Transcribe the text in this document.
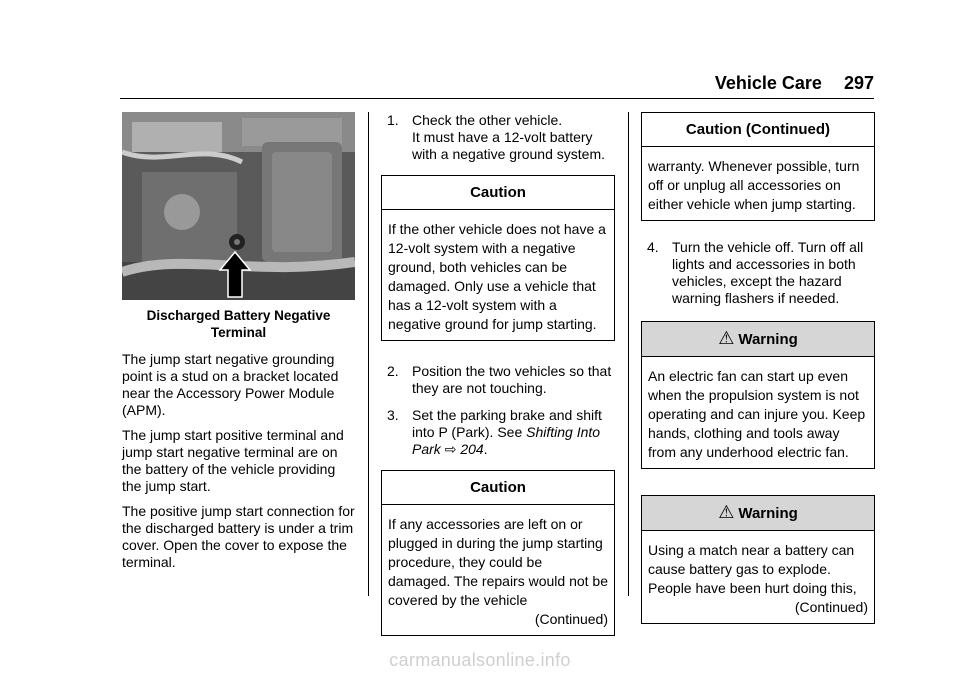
Vehicle Care 297
Discharged Battery Negative
Terminal

The jump start negative grounding point is a stud on a bracket located near the Accessory Power Module (APM).

The jump start positive terminal and jump start negative terminal are on the battery of the vehicle providing the jump start.

The positive jump start connection for the discharged battery is under a trim cover. Open the cover to expose the terminal.

1. Check the other vehicle.
It must have a 12-volt battery with a negative ground system.
Caution
If the other vehicle does not have a 12-volt system with a negative ground, both vehicles can be damaged. Only use a vehicle that has a 12-volt system with a negative ground for jump starting.
2. Position the two vehicles so that they are not touching.
3. Set the parking brake and shift into P (Park). See Shifting Into Park ⇨ 204.
Caution
If any accessories are left on or plugged in during the jump starting procedure, they could be damaged. The repairs would not be covered by the vehicle
(Continued)
Caution (Continued)
warranty. Whenever possible, turn off or unplug all accessories on either vehicle when jump starting.
4. Turn the vehicle off. Turn off all lights and accessories in both vehicles, except the hazard warning flashers if needed.
⚠ Warning
An electric fan can start up even when the propulsion system is not operating and can injure you. Keep hands, clothing and tools away from any underhood electric fan.
⚠ Warning
Using a match near a battery can cause battery gas to explode. People have been hurt doing this,
(Continued)
carmanualsonline.info
